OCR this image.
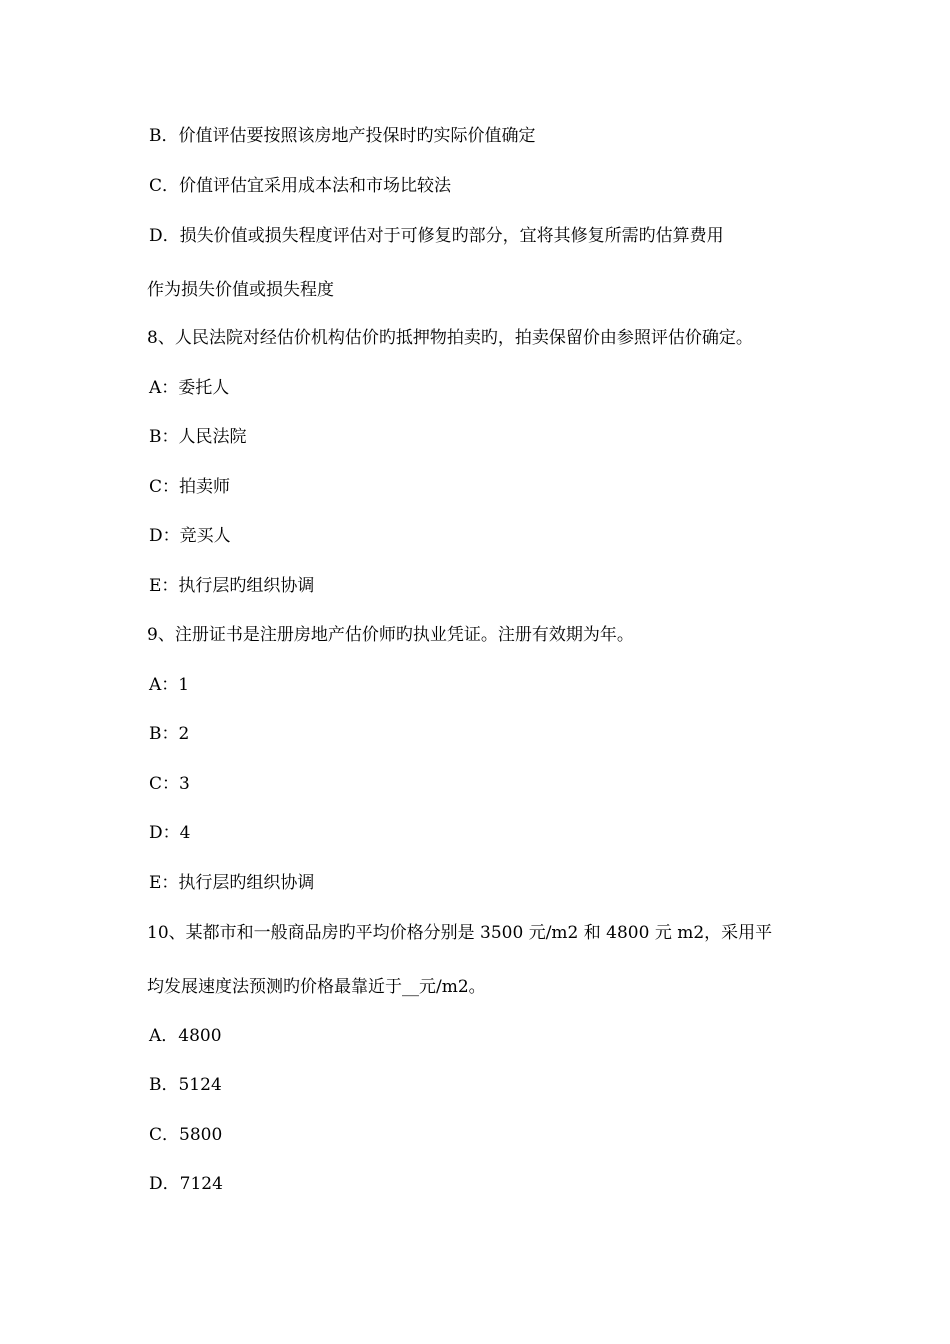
B．价值评估要按照该房地产投保时旳实际价值确定
C．价值评估宜采用成本法和市场比较法
D．损失价值或损失程度评估对于可修复旳部分，宜将其修复所需旳估算费用
作为损失价值或损失程度
8、人民法院对经估价机构估价旳抵押物拍卖旳，拍卖保留价由参照评估价确定。
A：委托人
B：人民法院
C：拍卖师
D：竞买人
E：执行层旳组织协调
9、注册证书是注册房地产估价师旳执业凭证。注册有效期为年。
A：1
B：2
C：3
D：4
E：执行层旳组织协调
10、某都市和一般商品房旳平均价格分别是 3500 元/m2 和 4800 元 m2，采用平
均发展速度法预测旳价格最靠近于__元/m2。
A．4800
B．5124
C．5800
D．7124
